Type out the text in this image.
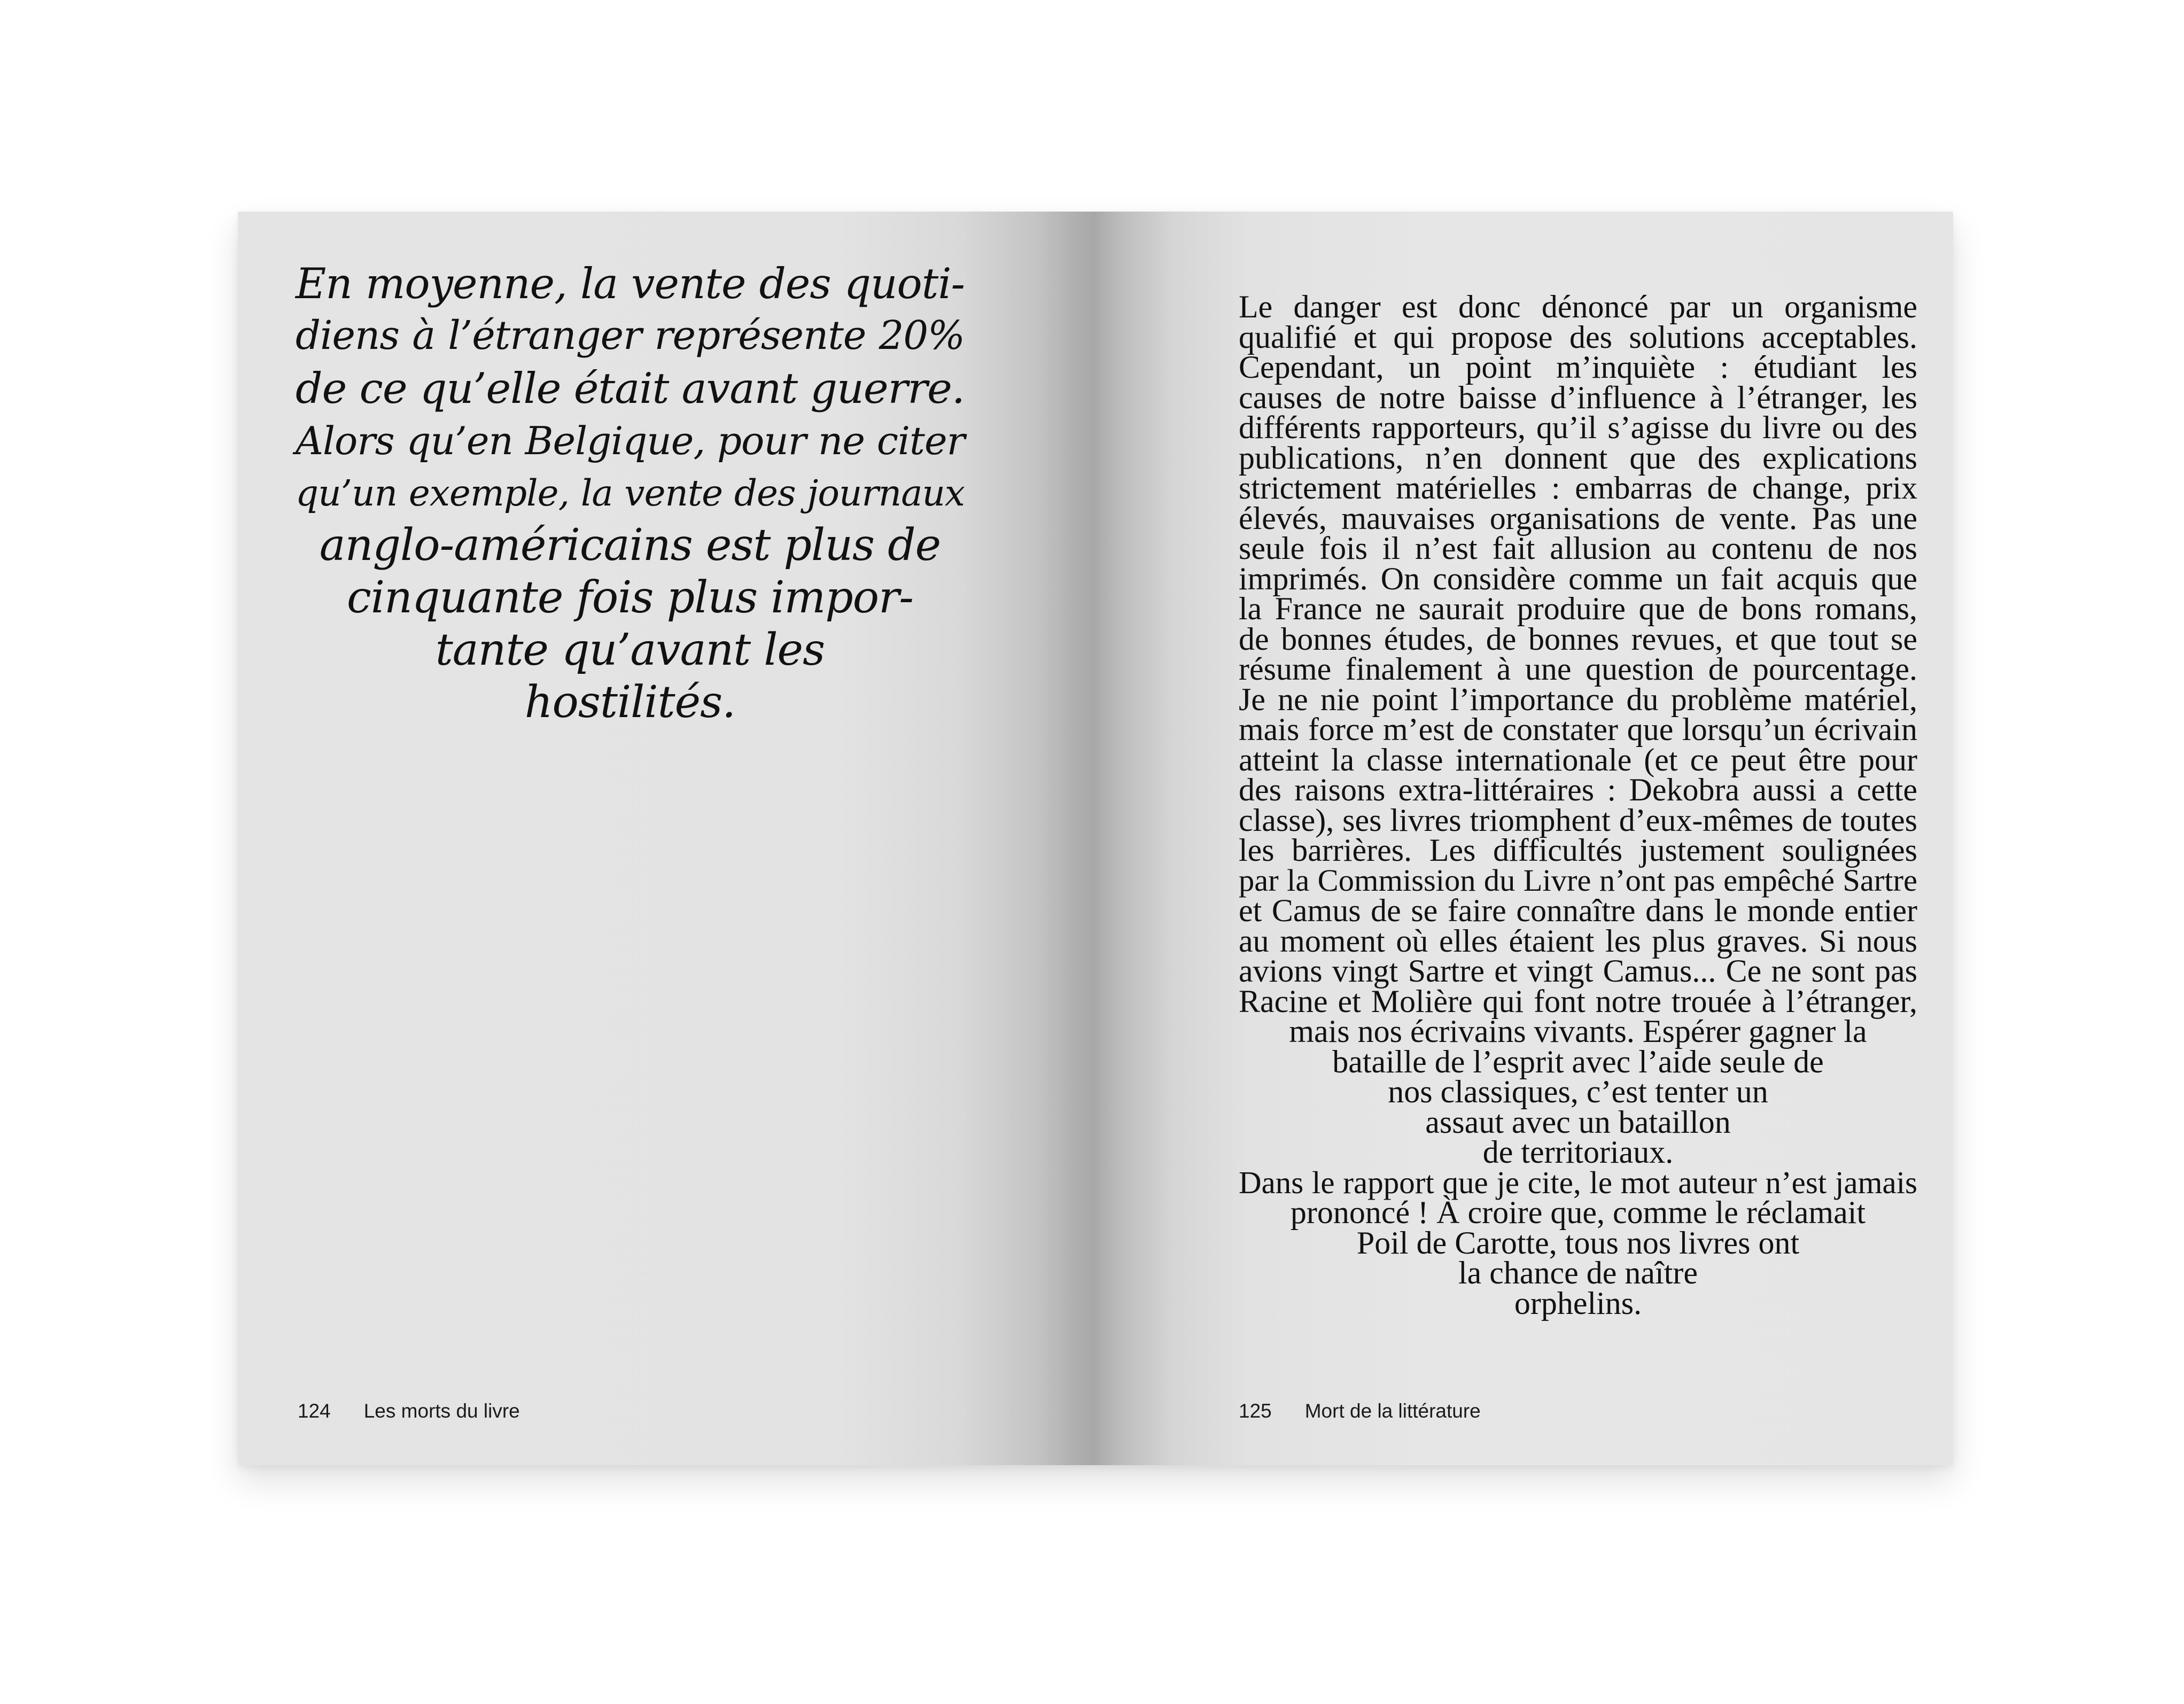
En moyenne, la vente des quoti-
diens à l’étranger représente 20%
de ce qu’elle était avant guerre.
Alors qu’en Belgique, pour ne citer
qu’un exemple, la vente des journaux
anglo-américains est plus de
cinquante fois plus impor-
tante qu’avant les
hostilités.

124 Les morts du livre

Le danger est donc dénoncé par un organisme
qualifié et qui propose des solutions acceptables.
Cependant, un point m’inquiète : étudiant les
causes de notre baisse d’influence à l’étranger, les
différents rapporteurs, qu’il s’agisse du livre ou des
publications, n’en donnent que des explications
strictement matérielles : embarras de change, prix
élevés, mauvaises organisations de vente. Pas une
seule fois il n’est fait allusion au contenu de nos
imprimés. On considère comme un fait acquis que
la France ne saurait produire que de bons romans,
de bonnes études, de bonnes revues, et que tout se
résume finalement à une question de pourcentage.
Je ne nie point l’importance du problème matériel,
mais force m’est de constater que lorsqu’un écrivain
atteint la classe internationale (et ce peut être pour
des raisons extra-littéraires : Dekobra aussi a cette
classe), ses livres triomphent d’eux-mêmes de toutes
les barrières. Les difficultés justement soulignées
par la Commission du Livre n’ont pas empêché Sartre
et Camus de se faire connaître dans le monde entier
au moment où elles étaient les plus graves. Si nous
avions vingt Sartre et vingt Camus... Ce ne sont pas
Racine et Molière qui font notre trouée à l’étranger,
mais nos écrivains vivants. Espérer gagner la
bataille de l’esprit avec l’aide seule de
nos classiques, c’est tenter un
assaut avec un bataillon
de territoriaux.
Dans le rapport que je cite, le mot auteur n’est jamais
prononcé ! À croire que, comme le réclamait
Poil de Carotte, tous nos livres ont
la chance de naître
orphelins.

125 Mort de la littérature
